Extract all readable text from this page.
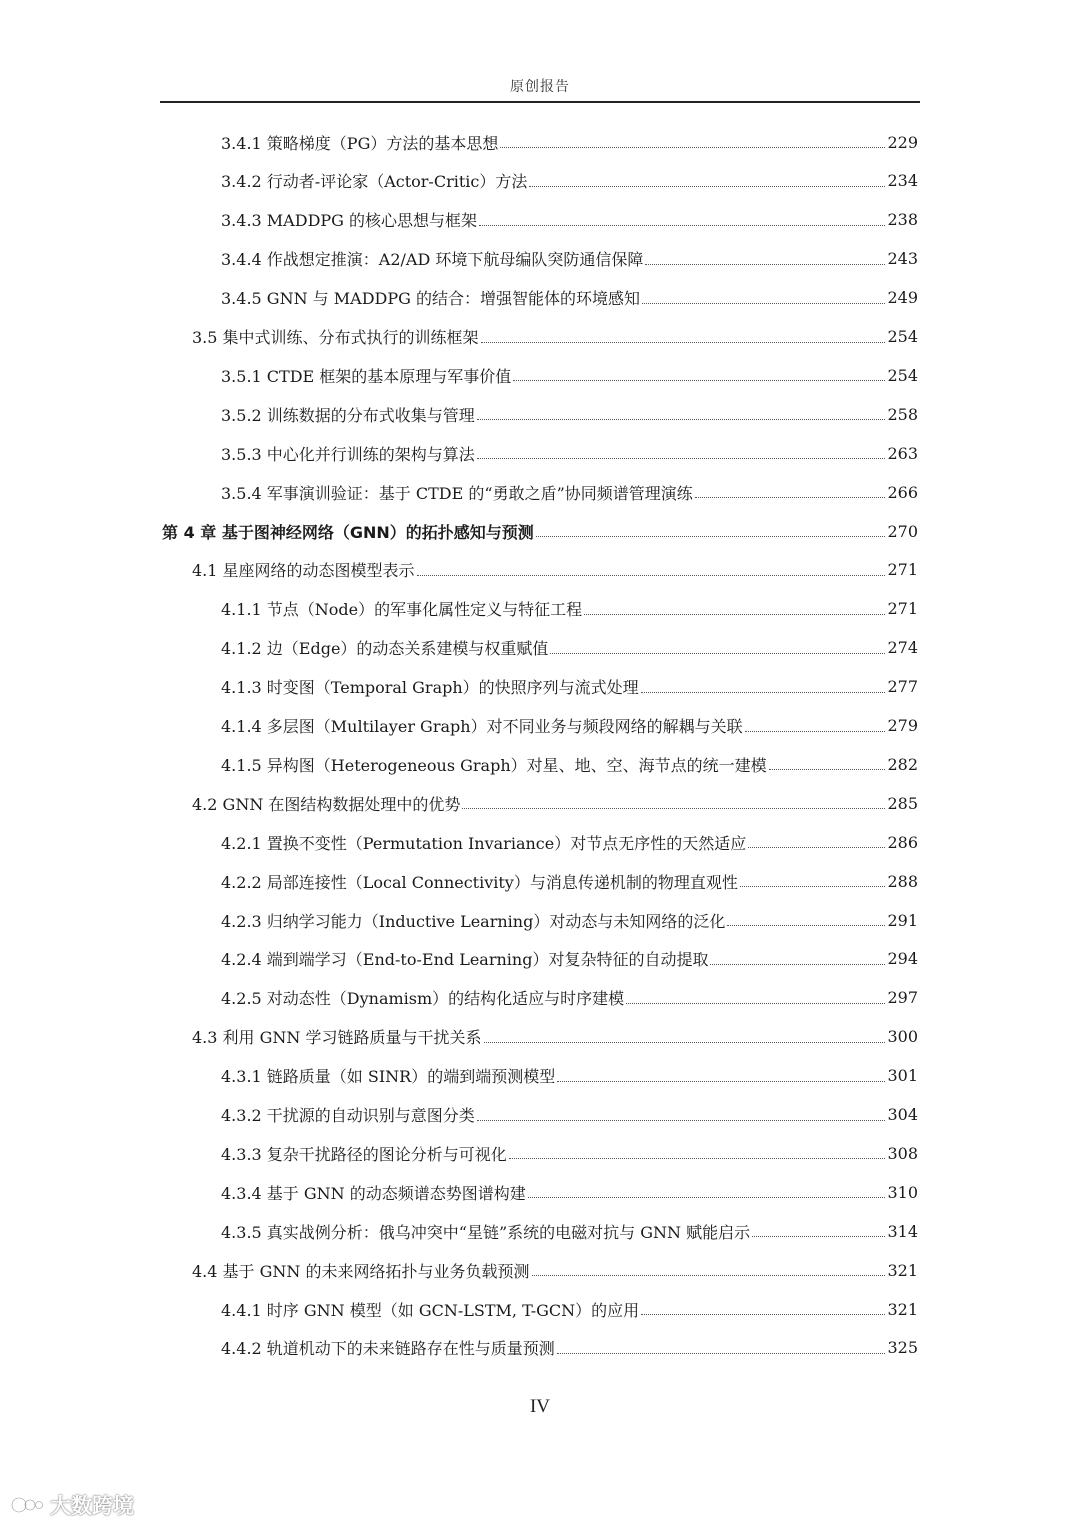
原创报告
3.4.1 策略梯度（PG）方法的基本思想	229
3.4.2 行动者-评论家（Actor-Critic）方法	234
3.4.3 MADDPG 的核心思想与框架	238
3.4.4 作战想定推演：A2/AD 环境下航母编队突防通信保障	243
3.4.5 GNN 与 MADDPG 的结合：增强智能体的环境感知	249
3.5 集中式训练、分布式执行的训练框架	254
3.5.1 CTDE 框架的基本原理与军事价值	254
3.5.2 训练数据的分布式收集与管理	258
3.5.3 中心化并行训练的架构与算法	263
3.5.4 军事演训验证：基于 CTDE 的“勇敢之盾”协同频谱管理演练	266
第 4 章 基于图神经网络（GNN）的拓扑感知与预测	270
4.1 星座网络的动态图模型表示	271
4.1.1 节点（Node）的军事化属性定义与特征工程	271
4.1.2 边（Edge）的动态关系建模与权重赋值	274
4.1.3 时变图（Temporal Graph）的快照序列与流式处理	277
4.1.4 多层图（Multilayer Graph）对不同业务与频段网络的解耦与关联	279
4.1.5 异构图（Heterogeneous Graph）对星、地、空、海节点的统一建模	282
4.2 GNN 在图结构数据处理中的优势	285
4.2.1 置换不变性（Permutation Invariance）对节点无序性的天然适应	286
4.2.2 局部连接性（Local Connectivity）与消息传递机制的物理直观性	288
4.2.3 归纳学习能力（Inductive Learning）对动态与未知网络的泛化	291
4.2.4 端到端学习（End-to-End Learning）对复杂特征的自动提取	294
4.2.5 对动态性（Dynamism）的结构化适应与时序建模	297
4.3 利用 GNN 学习链路质量与干扰关系	300
4.3.1 链路质量（如 SINR）的端到端预测模型	301
4.3.2 干扰源的自动识别与意图分类	304
4.3.3 复杂干扰路径的图论分析与可视化	308
4.3.4 基于 GNN 的动态频谱态势图谱构建	310
4.3.5 真实战例分析：俄乌冲突中“星链”系统的电磁对抗与 GNN 赋能启示	314
4.4 基于 GNN 的未来网络拓扑与业务负载预测	321
4.4.1 时序 GNN 模型（如 GCN-LSTM, T-GCN）的应用	321
4.4.2 轨道机动下的未来链路存在性与质量预测	325
IV
大数跨境
